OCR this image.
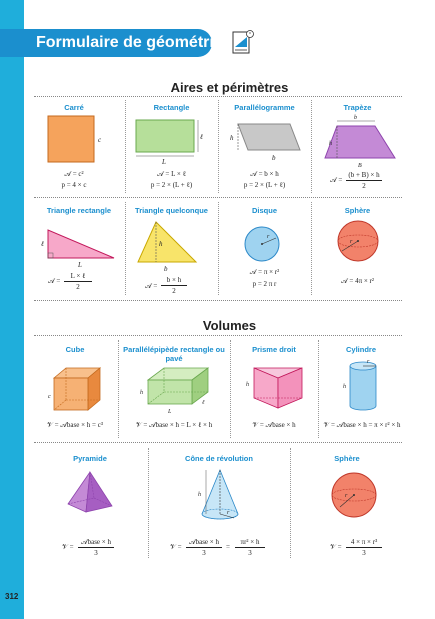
Formulaire de géométrie
312
Aires et périmètres
Carré
c
𝒜 = c²
p = 4 × c
Rectangle
L
ℓ
𝒜 = L × ℓ
p = 2 × (L + ℓ)
Parallélogramme
h
b
𝒜 = b × h
p = 2 × (L + ℓ)
Trapèze
b
h
B
𝒜 =
(b + B) × h
2
Triangle rectangle
ℓ
L
𝒜 =
L × ℓ
2
Triangle quelconque
h
b
𝒜 =
b × h
2
Disque
r
𝒜 = π × r²
p = 2 π r
Sphère
r
𝒜 = 4π × r²
Volumes
Cube
c
𝒱 = 𝒜base × h = c³
Parallélépipède rectangle ou pavé
h
L
ℓ
𝒱 = 𝒜base × h = L × ℓ × h
Prisme droit
h
𝒱 = 𝒜base × h
Cylindre
r
h
𝒱 = 𝒜base × h = π × r² × h
Pyramide
𝒱 =
𝒜base × h
3
Cône de révolution
h
r
𝒱 =
𝒜base × h
3
=
πr² × h
3
Sphère
r
𝒱 =
4 × π × r³
3
